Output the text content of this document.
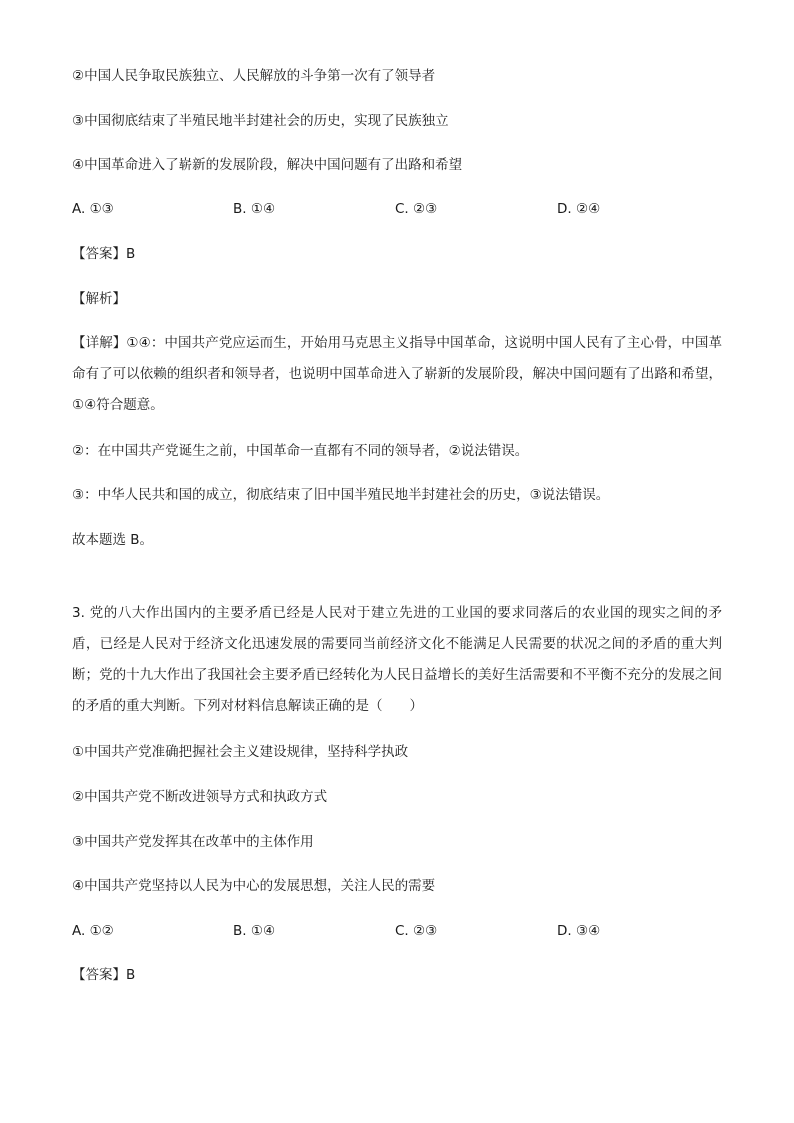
②中国人民争取民族独立、人民解放的斗争第一次有了领导者
③中国彻底结束了半殖民地半封建社会的历史，实现了民族独立
④中国革命进入了崭新的发展阶段，解决中国问题有了出路和希望
A. ①③	B. ①④	C. ②③	D. ②④
【答案】B
【解析】
【详解】①④：中国共产党应运而生，开始用马克思主义指导中国革命，这说明中国人民有了主心骨，中国革命有了可以依赖的组织者和领导者，也说明中国革命进入了崭新的发展阶段，解决中国问题有了出路和希望，①④符合题意。
②：在中国共产党诞生之前，中国革命一直都有不同的领导者，②说法错误。
③：中华人民共和国的成立，彻底结束了旧中国半殖民地半封建社会的历史，③说法错误。
故本题选 B。
3. 党的八大作出国内的主要矛盾已经是人民对于建立先进的工业国的要求同落后的农业国的现实之间的矛盾，已经是人民对于经济文化迅速发展的需要同当前经济文化不能满足人民需要的状况之间的矛盾的重大判断；党的十九大作出了我国社会主要矛盾已经转化为人民日益增长的美好生活需要和不平衡不充分的发展之间的矛盾的重大判断。下列对材料信息解读正确的是（　　）
①中国共产党准确把握社会主义建设规律，坚持科学执政
②中国共产党不断改进领导方式和执政方式
③中国共产党发挥其在改革中的主体作用
④中国共产党坚持以人民为中心的发展思想，关注人民的需要
A. ①②	B. ①④	C. ②③	D. ③④
【答案】B
